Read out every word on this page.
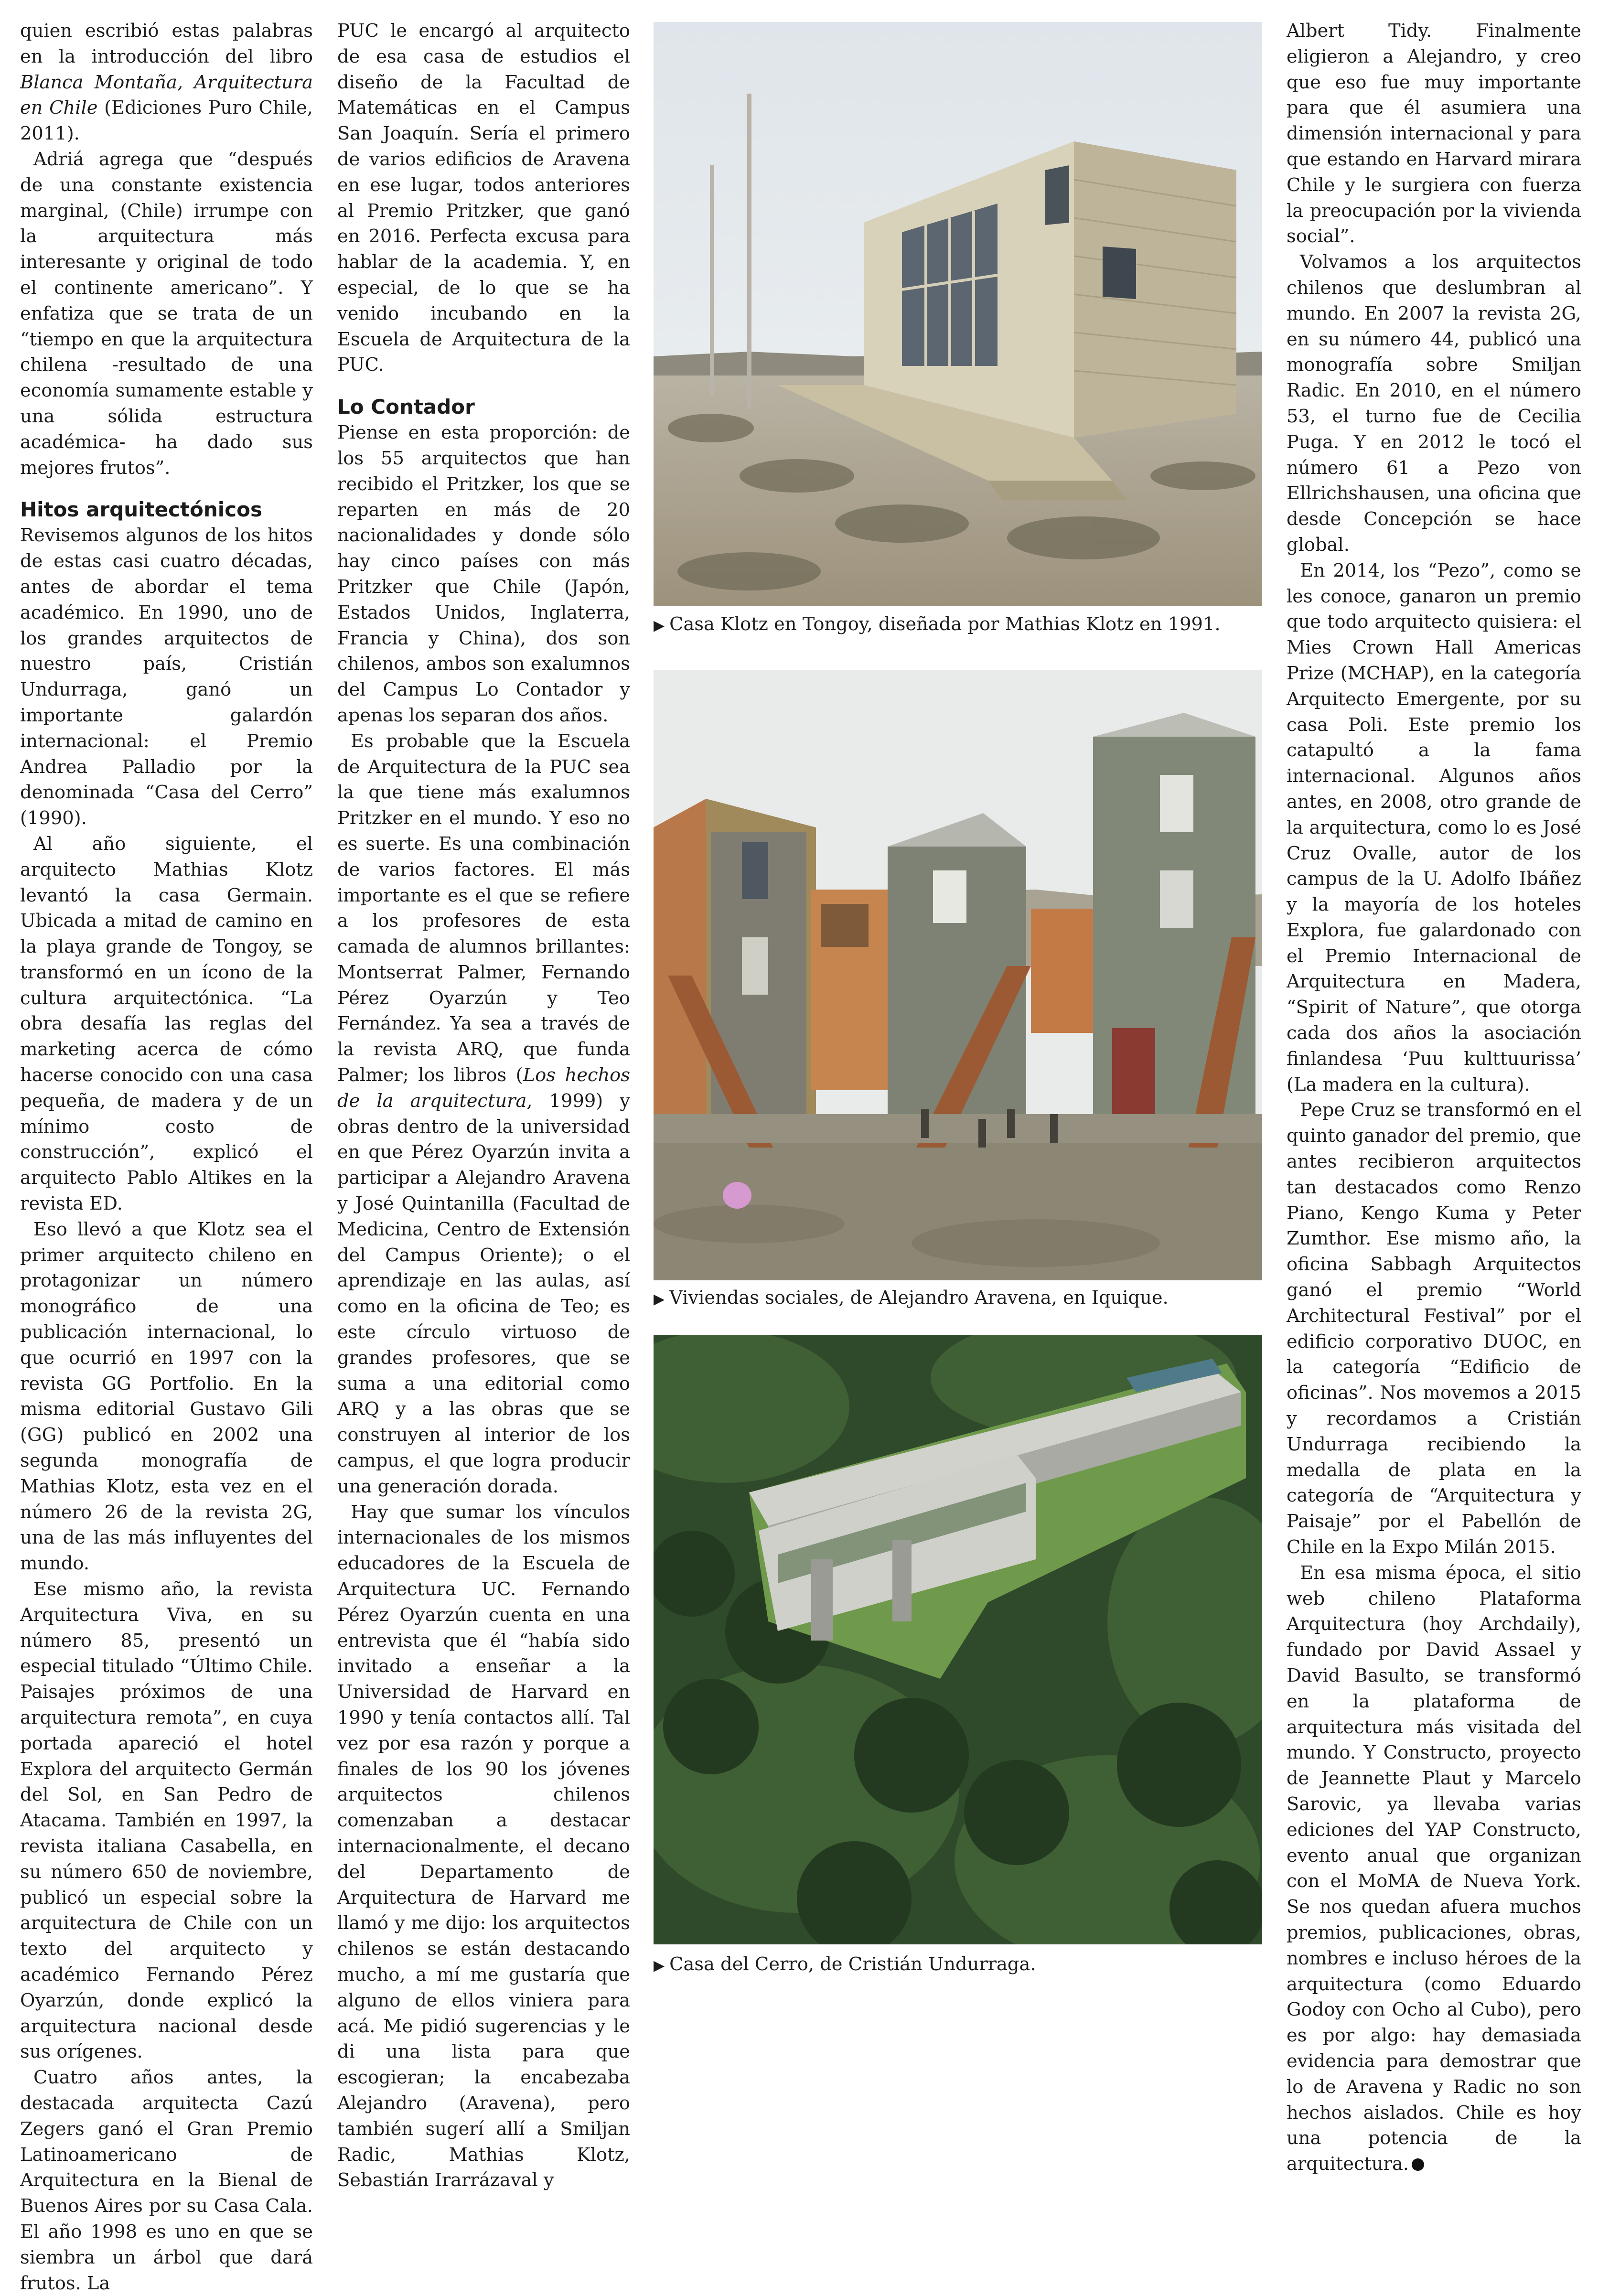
quien escribió estas palabras en la introducción del libro Blanca Montaña, Arquitectura en Chile (Ediciones Puro Chile, 2011).

Adriá agrega que “después de una constante existencia marginal, (Chile) irrumpe con la arquitectura más interesante y original de todo el continente americano”. Y enfatiza que se trata de un “tiempo en que la arquitectura chilena -resultado de una economía sumamente estable y una sólida estructura académica- ha dado sus mejores frutos”.

Hitos arquitectónicos

Revisemos algunos de los hitos de estas casi cuatro décadas, antes de abordar el tema académico. En 1990, uno de los grandes arquitectos de nuestro país, Cristián Undurraga, ganó un importante galardón internacional: el Premio Andrea Palladio por la denominada “Casa del Cerro” (1990).

Al año siguiente, el arquitecto Mathias Klotz levantó la casa Germain. Ubicada a mitad de camino en la playa grande de Tongoy, se transformó en un ícono de la cultura arquitectónica. “La obra desafía las reglas del marketing acerca de cómo hacerse conocido con una casa pequeña, de madera y de un mínimo costo de construcción”, explicó el arquitecto Pablo Altikes en la revista ED.

Eso llevó a que Klotz sea el primer arquitecto chileno en protagonizar un número monográfico de una publicación internacional, lo que ocurrió en 1997 con la revista GG Portfolio. En la misma editorial Gustavo Gili (GG) publicó en 2002 una segunda monografía de Mathias Klotz, esta vez en el número 26 de la revista 2G, una de las más influyentes del mundo.

Ese mismo año, la revista Arquitectura Viva, en su número 85, presentó un especial titulado “Último Chile. Paisajes próximos de una arquitectura remota”, en cuya portada apareció el hotel Explora del arquitecto Germán del Sol, en San Pedro de Atacama. También en 1997, la revista italiana Casabella, en su número 650 de noviembre, publicó un especial sobre la arquitectura de Chile con un texto del arquitecto y académico Fernando Pérez Oyarzún, donde explicó la arquitectura nacional desde sus orígenes.

Cuatro años antes, la destacada arquitecta Cazú Zegers ganó el Gran Premio Latinoamericano de Arquitectura en la Bienal de Buenos Aires por su Casa Cala. El año 1998 es uno en que se siembra un árbol que dará frutos. La

PUC le encargó al arquitecto de esa casa de estudios el diseño de la Facultad de Matemáticas en el Campus San Joaquín. Sería el primero de varios edificios de Aravena en ese lugar, todos anteriores al Premio Pritzker, que ganó en 2016. Perfecta excusa para hablar de la academia. Y, en especial, de lo que se ha venido incubando en la Escuela de Arquitectura de la PUC.

Lo Contador

Piense en esta proporción: de los 55 arquitectos que han recibido el Pritzker, los que se reparten en más de 20 nacionalidades y donde sólo hay cinco países con más Pritzker que Chile (Japón, Estados Unidos, Inglaterra, Francia y China), dos son chilenos, ambos son exalumnos del Campus Lo Contador y apenas los separan dos años.

Es probable que la Escuela de Arquitectura de la PUC sea la que tiene más exalumnos Pritzker en el mundo. Y eso no es suerte. Es una combinación de varios factores. El más importante es el que se refiere a los profesores de esta camada de alumnos brillantes: Montserrat Palmer, Fernando Pérez Oyarzún y Teo Fernández. Ya sea a través de la revista ARQ, que funda Palmer; los libros (Los hechos de la arquitectura, 1999) y obras dentro de la universidad en que Pérez Oyarzún invita a participar a Alejandro Aravena y José Quintanilla (Facultad de Medicina, Centro de Extensión del Campus Oriente); o el aprendizaje en las aulas, así como en la oficina de Teo; es este círculo virtuoso de grandes profesores, que se suma a una editorial como ARQ y a las obras que se construyen al interior de los campus, el que logra producir una generación dorada.

Hay que sumar los vínculos internacionales de los mismos educadores de la Escuela de Arquitectura UC. Fernando Pérez Oyarzún cuenta en una entrevista que él “había sido invitado a enseñar a la Universidad de Harvard en 1990 y tenía contactos allí. Tal vez por esa razón y porque a finales de los 90 los jóvenes arquitectos chilenos comenzaban a destacar internacionalmente, el decano del Departamento de Arquitectura de Harvard me llamó y me dijo: los arquitectos chilenos se están destacando mucho, a mí me gustaría que alguno de ellos viniera para acá. Me pidió sugerencias y le di una lista para que escogieran; la encabezaba Alejandro (Aravena), pero también sugerí allí a Smiljan Radic, Mathias Klotz, Sebastián Irarrázaval y

▶ Casa Klotz en Tongoy, diseñada por Mathias Klotz en 1991.
▶ Viviendas sociales, de Alejandro Aravena, en Iquique.
▶ Casa del Cerro, de Cristián Undurraga.

Albert Tidy. Finalmente eligieron a Alejandro, y creo que eso fue muy importante para que él asumiera una dimensión internacional y para que estando en Harvard mirara Chile y le surgiera con fuerza la preocupación por la vivienda social”.

Volvamos a los arquitectos chilenos que deslumbran al mundo. En 2007 la revista 2G, en su número 44, publicó una monografía sobre Smiljan Radic. En 2010, en el número 53, el turno fue de Cecilia Puga. Y en 2012 le tocó el número 61 a Pezo von Ellrichshausen, una oficina que desde Concepción se hace global.

En 2014, los “Pezo”, como se les conoce, ganaron un premio que todo arquitecto quisiera: el Mies Crown Hall Americas Prize (MCHAP), en la categoría Arquitecto Emergente, por su casa Poli. Este premio los catapultó a la fama internacional. Algunos años antes, en 2008, otro grande de la arquitectura, como lo es José Cruz Ovalle, autor de los campus de la U. Adolfo Ibáñez y la mayoría de los hoteles Explora, fue galardonado con el Premio Internacional de Arquitectura en Madera, “Spirit of Nature”, que otorga cada dos años la asociación finlandesa ‘Puu kulttuurissa’ (La madera en la cultura).

Pepe Cruz se transformó en el quinto ganador del premio, que antes recibieron arquitectos tan destacados como Renzo Piano, Kengo Kuma y Peter Zumthor. Ese mismo año, la oficina Sabbagh Arquitectos ganó el premio “World Architectural Festival” por el edificio corporativo DUOC, en la categoría “Edificio de oficinas”. Nos movemos a 2015 y recordamos a Cristián Undurraga recibiendo la medalla de plata en la categoría de “Arquitectura y Paisaje” por el Pabellón de Chile en la Expo Milán 2015.

En esa misma época, el sitio web chileno Plataforma Arquitectura (hoy Archdaily), fundado por David Assael y David Basulto, se transformó en la plataforma de arquitectura más visitada del mundo. Y Constructo, proyecto de Jeannette Plaut y Marcelo Sarovic, ya llevaba varias ediciones del YAP Constructo, evento anual que organizan con el MoMA de Nueva York. Se nos quedan afuera muchos premios, publicaciones, obras, nombres e incluso héroes de la arquitectura (como Eduardo Godoy con Ocho al Cubo), pero es por algo: hay demasiada evidencia para demostrar que lo de Aravena y Radic no son hechos aislados. Chile es hoy una potencia de la arquitectura.
